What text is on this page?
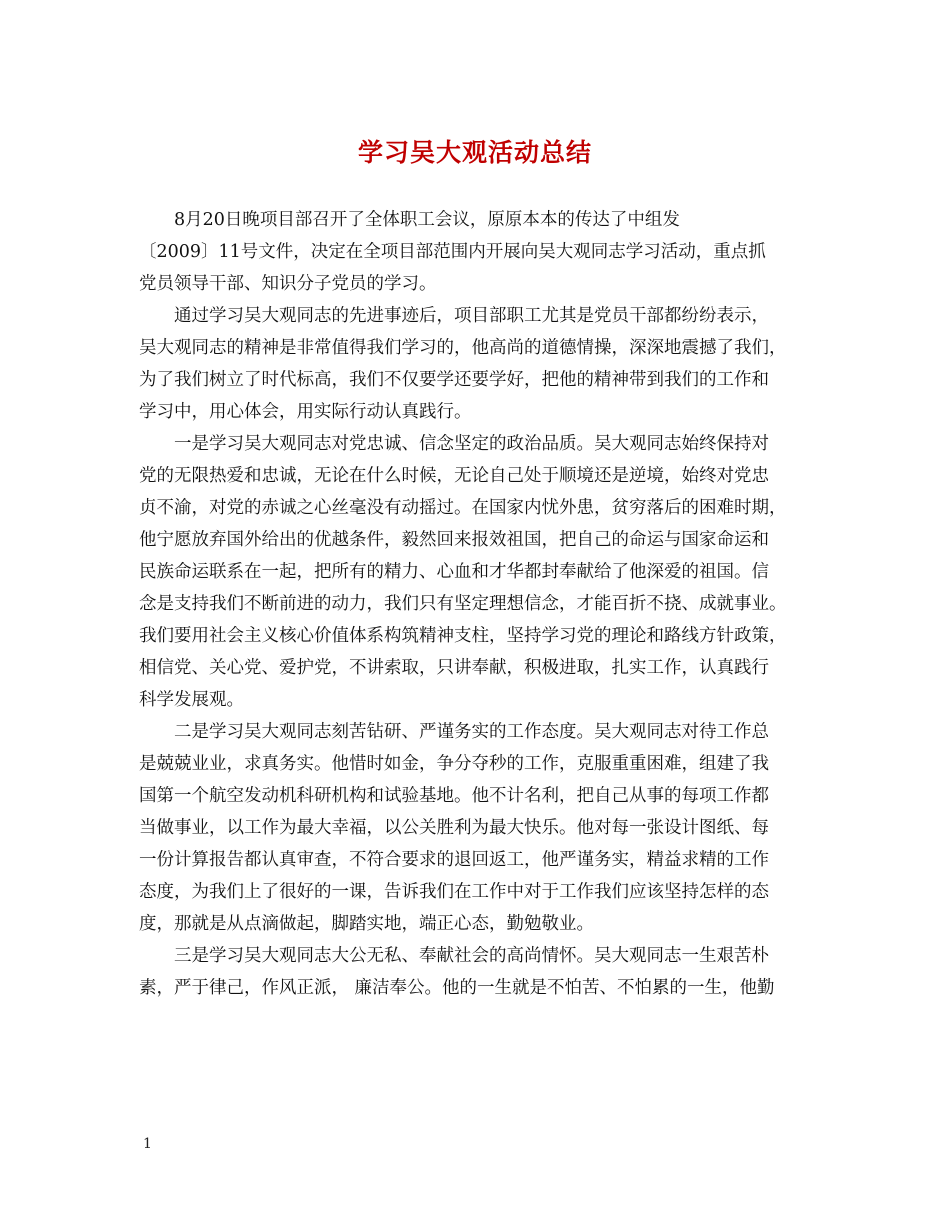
学习吴大观活动总结
8月20日晚项目部召开了全体职工会议，原原本本的传达了中组发
〔2009〕11号文件，决定在全项目部范围内开展向吴大观同志学习活动，重点抓
党员领导干部、知识分子党员的学习。
通过学习吴大观同志的先进事迹后，项目部职工尤其是党员干部都纷纷表示，
吴大观同志的精神是非常值得我们学习的，他高尚的道德情操，深深地震撼了我们，
为了我们树立了时代标高，我们不仅要学还要学好，把他的精神带到我们的工作和
学习中，用心体会，用实际行动认真践行。
一是学习吴大观同志对党忠诚、信念坚定的政治品质。吴大观同志始终保持对
党的无限热爱和忠诚，无论在什么时候，无论自己处于顺境还是逆境，始终对党忠
贞不渝，对党的赤诚之心丝毫没有动摇过。在国家内忧外患，贫穷落后的困难时期，
他宁愿放弃国外给出的优越条件，毅然回来报效祖国，把自己的命运与国家命运和
民族命运联系在一起，把所有的精力、心血和才华都封奉献给了他深爱的祖国。信
念是支持我们不断前进的动力，我们只有坚定理想信念，才能百折不挠、成就事业。
我们要用社会主义核心价值体系构筑精神支柱，坚持学习党的理论和路线方针政策，
相信党、关心党、爱护党，不讲索取，只讲奉献，积极进取，扎实工作，认真践行
科学发展观。
二是学习吴大观同志刻苦钻研、严谨务实的工作态度。吴大观同志对待工作总
是兢兢业业，求真务实。他惜时如金，争分夺秒的工作，克服重重困难，组建了我
国第一个航空发动机科研机构和试验基地。他不计名利，把自己从事的每项工作都
当做事业，以工作为最大幸福，以公关胜利为最大快乐。他对每一张设计图纸、每
一份计算报告都认真审查，不符合要求的退回返工，他严谨务实，精益求精的工作
态度，为我们上了很好的一课，告诉我们在工作中对于工作我们应该坚持怎样的态
度，那就是从点滴做起，脚踏实地，端正心态，勤勉敬业。
三是学习吴大观同志大公无私、奉献社会的高尚情怀。吴大观同志一生艰苦朴
素，严于律己，作风正派， 廉洁奉公。他的一生就是不怕苦、不怕累的一生，他勤
1
